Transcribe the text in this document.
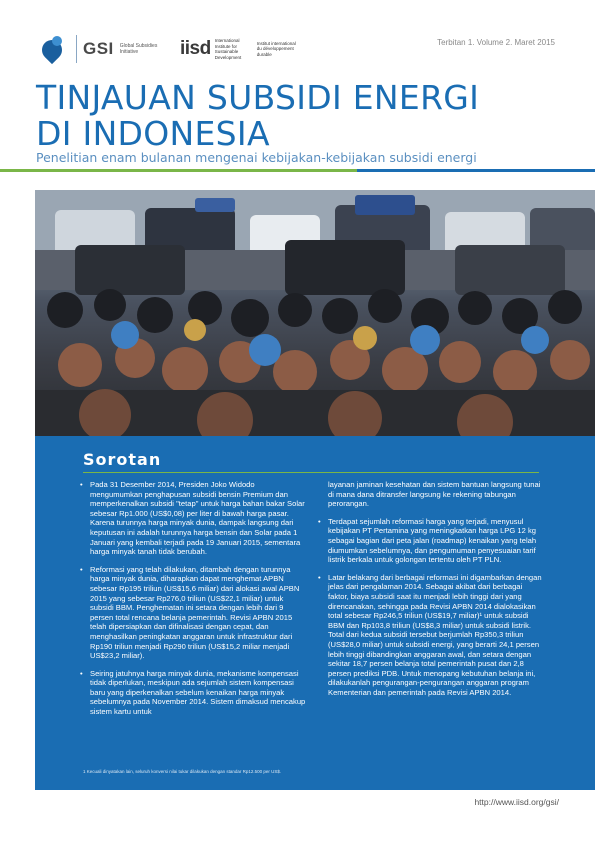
GSI Global Subsidies Initiative	iisd International Institute for Sustainable Development
Institut international du développement durable
Terbitan 1. Volume 2. Maret 2015
TINJAUAN SUBSIDI ENERGI
DI INDONESIA
Penelitian enam bulanan mengenai kebijakan-kebijakan subsidi energi
Sorotan
• Pada 31 Desember 2014, Presiden Joko Widodo mengumumkan penghapusan subsidi bensin Premium dan memperkenalkan subsidi "tetap" untuk harga bahan bakar Solar sebesar Rp1.000 (US$0,08) per liter di bawah harga pasar. Karena turunnya harga minyak dunia, dampak langsung dari keputusan ini adalah turunnya harga bensin dan Solar pada 1 Januari yang kembali terjadi pada 19 Januari 2015, sementara harga minyak tanah tidak berubah.
• Reformasi yang telah dilakukan, ditambah dengan turunnya harga minyak dunia, diharapkan dapat menghemat APBN sebesar Rp195 triliun (US$15,6 miliar) dari alokasi awal APBN 2015 yang sebesar Rp276,0 triliun (US$22,1 miliar) untuk subsidi BBM. Penghematan ini setara dengan lebih dari 9 persen total rencana belanja pemerintah. Revisi APBN 2015 telah dipersiapkan dan difinalisasi dengan cepat, dan menghasilkan peningkatan anggaran untuk infrastruktur dari Rp190 triliun menjadi Rp290 triliun (US$15,2 miliar menjadi US$23,2 miliar).
• Seiring jatuhnya harga minyak dunia, mekanisme kompensasi tidak diperlukan, meskipun ada sejumlah sistem kompensasi baru yang diperkenalkan sebelum kenaikan harga minyak sebelumnya pada November 2014. Sistem dimaksud mencakup sistem kartu untuk

layanan jaminan kesehatan dan sistem bantuan langsung tunai di mana dana ditransfer langsung ke rekening tabungan perorangan.

• Terdapat sejumlah reformasi harga yang terjadi, menyusul kebijakan PT Pertamina yang meningkatkan harga LPG 12 kg sebagai bagian dari peta jalan (roadmap) kenaikan yang telah diumumkan sebelumnya, dan pengumuman penyesuaian tarif listrik berkala untuk golongan tertentu oleh PT PLN.
• Latar belakang dari berbagai reformasi ini digambarkan dengan jelas dari pengalaman 2014. Sebagai akibat dari berbagai faktor, biaya subsidi saat itu menjadi lebih tinggi dari yang direncanakan, sehingga pada Revisi APBN 2014 dialokasikan total sebesar Rp246,5 triliun (US$19,7 miliar)¹ untuk subsidi BBM dan Rp103,8 triliun (US$8,3 miliar) untuk subsidi listrik. Total dari kedua subsidi tersebut berjumlah Rp350,3 triliun (US$28,0 miliar) untuk subsidi energi, yang berarti 24,1 persen lebih tinggi dibandingkan anggaran awal, dan setara dengan sekitar 18,7 persen belanja total pemerintah pusat dan 2,8 persen prediksi PDB. Untuk menopang kebutuhan belanja ini, dilakukanlah pengurangan-pengurangan anggaran program Kementerian dan pemerintah pada Revisi APBN 2014.
1 Kecuali dinyatakan lain, seluruh konversi nilai tukar dilakukan dengan standar Rp12.500 per US$.
http://www.iisd.org/gsi/
